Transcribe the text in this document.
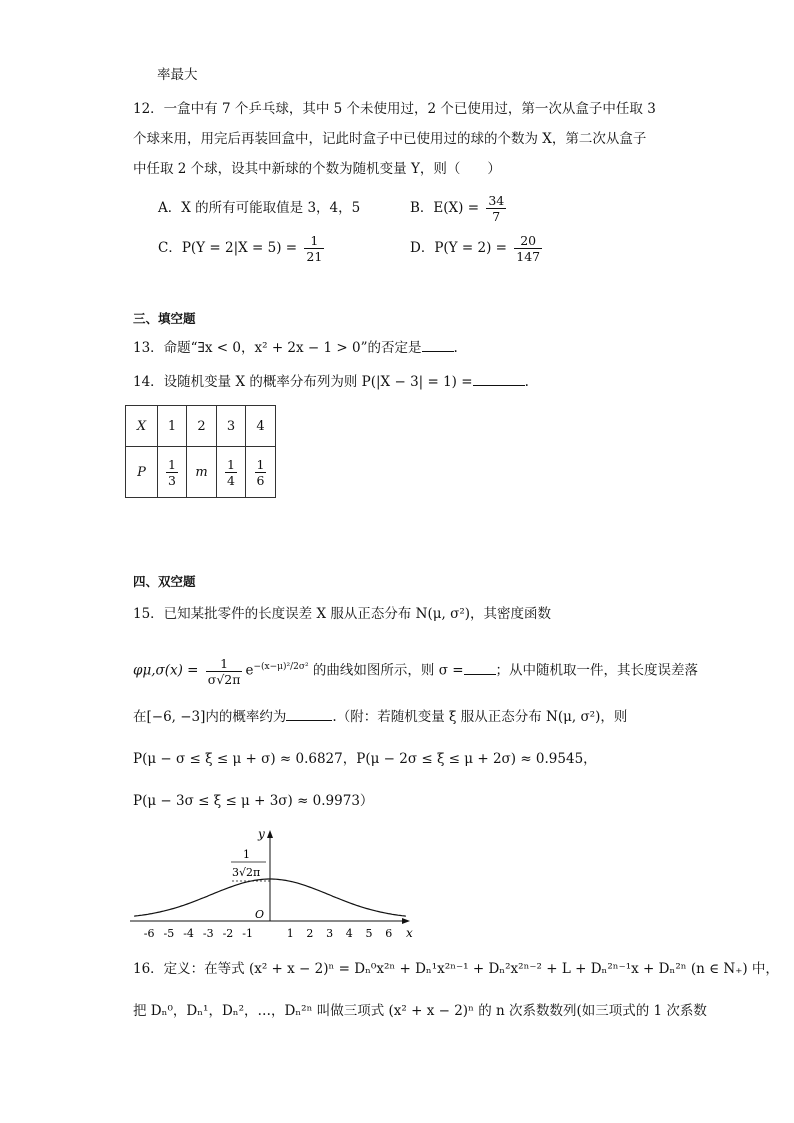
率最大
12．一盒中有 7 个乒乓球，其中 5 个未使用过，2 个已使用过，第一次从盒子中任取 3
个球来用，用完后再装回盒中，记此时盒子中已使用过的球的个数为 X，第二次从盒子
中任取 2 个球，设其中新球的个数为随机变量 Y，则（　　）
A．X 的所有可能取值是 3，4，5	B．$E(X) = \frac{34}{7}$
C．$P(Y = 2|X = 5) = \frac{1}{21}$	D．$P(Y = 2) = \frac{20}{147}$
三、填空题
13．命题“∃x < 0，x² + 2x − 1 > 0”的否定是 .
14．设随机变量 X 的概率分布列为则 P(|X − 3| = 1) =	.
X	1	2	3	4
P	$\frac{1}{3}$	m	$\frac{1}{4}$	$\frac{1}{6}$
四、双空题
15．已知某批零件的长度误差 X 服从正态分布 N(μ, σ²)，其密度函数
$\varphi\mu,\sigma(x) = \frac{1}{\sigma√2\pi} e^{-(x-\mu)^2/2\sigma^2}$ 的曲线如图所示，则 σ = ；从中随机取一件，其长度误差落
在[−6, −3]内的概率约为	.（附：若随机变量 ξ 服从正态分布 N(μ, σ²)，则
P(μ − σ ≤ ξ ≤ μ + σ) ≈ 0.6827，P(μ − 2σ ≤ ξ ≤ μ + 2σ) ≈ 0.9545，
P(μ − 3σ ≤ ξ ≤ μ + 3σ) ≈ 0.9973）
-6 -5 -4 -3 -2 -1	1 2 3 4 5 6
y
x
O
1
3√2π
16．定义：在等式 (x² + x − 2)ⁿ = Dₙ⁰x²ⁿ + Dₙ¹x²ⁿ⁻¹ + Dₙ²x²ⁿ⁻² + L + Dₙ²ⁿ⁻¹x + Dₙ²ⁿ (n ∈ N₊) 中，
把 Dₙ⁰，Dₙ¹，Dₙ²，…，Dₙ²ⁿ 叫做三项式 (x² + x − 2)ⁿ 的 n 次系数数列(如三项式的 1 次系数
